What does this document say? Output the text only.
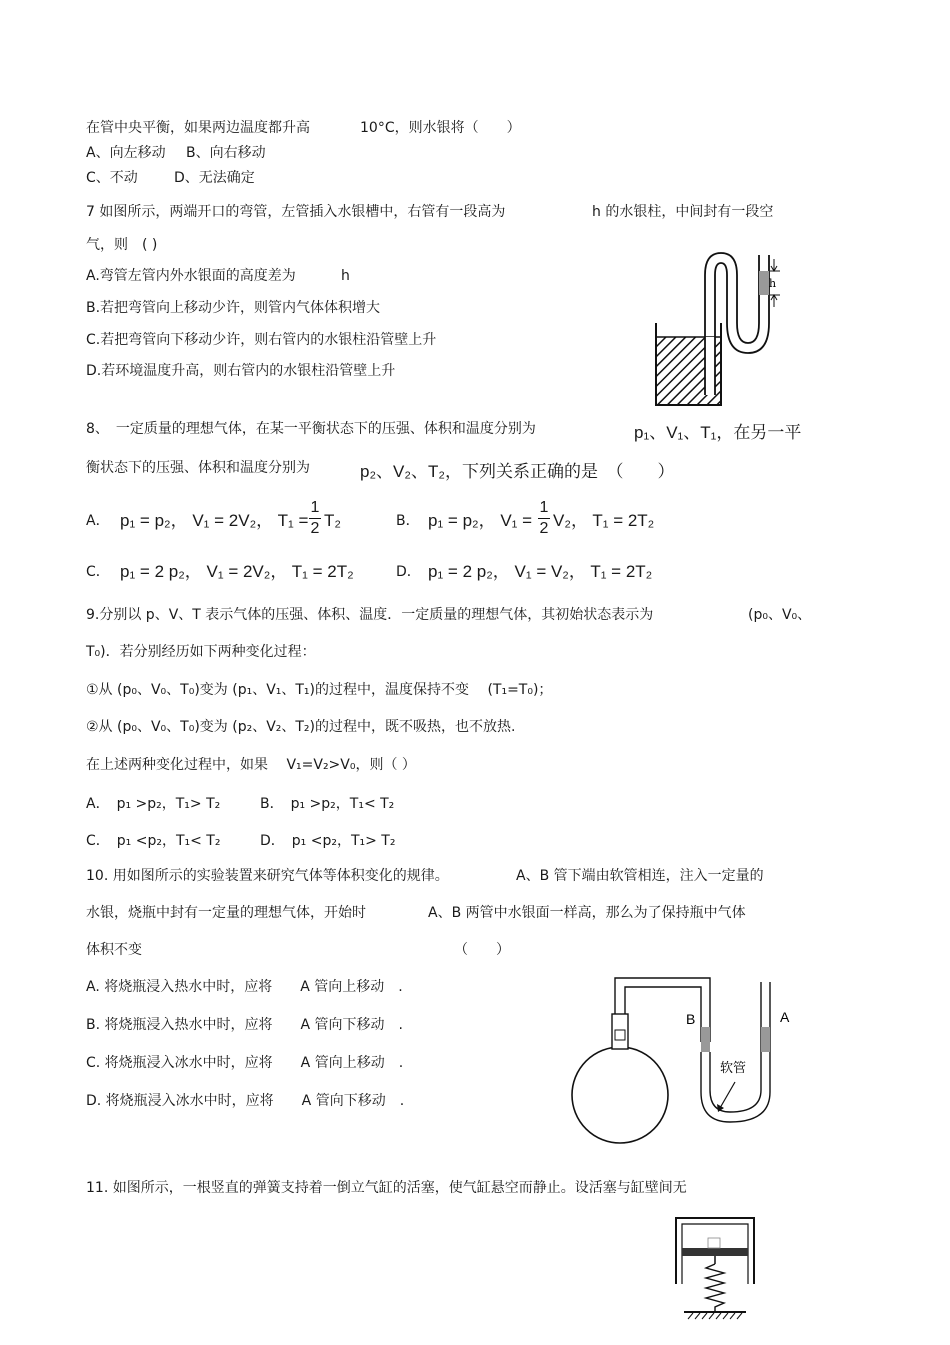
在管中央平衡，如果两边温度都升高	10°C，则水银将（　　）
A、向左移动 B、向右移动
C、不动	D、无法确定
7 如图所示，两端开口的弯管，左管插入水银槽中，右管有一段高为	h 的水银柱，中间封有一段空
气，则　( )
A.弯管左管内外水银面的高度差为	h
B.若把弯管向上移动少许，则管内气体体积增大
C.若把弯管向下移动少许，则右管内的水银柱沿管壁上升
D.若环境温度升高，则右管内的水银柱沿管壁上升
h
8、　一定质量的理想气体，在某一平衡状态下的压强、体积和温度分别为	p₁、V₁、T₁，在另一平
衡状态下的压强、体积和温度分别为	p₂、V₂、T₂，下列关系正确的是　（　　）
A． p₁ = p₂， V₁ = 2V₂， T₁ =
1
2 T₂	B． p₁ = p₂， V₁ =
1
2 V₂， T₁ = 2T₂
C． p₁ = 2 p₂， V₁ = 2V₂， T₁ = 2T₂	D． p₁ = 2 p₂， V₁ = V₂， T₁ = 2T₂
9.分别以 p、V、T 表示气体的压强、体积、温度．一定质量的理想气体，其初始状态表示为	(p₀、V₀、
T₀)．若分别经历如下两种变化过程：
①从 (p₀、V₀、T₀)变为 (p₁、V₁、T₁)的过程中，温度保持不变　 (T₁=T₀)；
②从 (p₀、V₀、T₀)变为 (p₂、V₂、T₂)的过程中，既不吸热，也不放热.
在上述两种变化过程中，如果　 V₁=V₂>V₀，则（ ）
A．　p₁ >p₂，T₁> T₂	B．　p₁ >p₂，T₁< T₂
C．　p₁ <p₂，T₁< T₂	D．　p₁ <p₂，T₁> T₂
10. 用如图所示的实验装置来研究气体等体积变化的规律。	A、B 管下端由软管相连，注入一定量的
水银，烧瓶中封有一定量的理想气体，开始时	A、B 两管中水银面一样高，那么为了保持瓶中气体
体积不变	（　　）
A. 将烧瓶浸入热水中时，应将　　A 管向上移动　.
B. 将烧瓶浸入热水中时，应将　　A 管向下移动　.
C. 将烧瓶浸入冰水中时，应将　　A 管向上移动　.
D. 将烧瓶浸入冰水中时，应将　　A 管向下移动　.
B	A
软管
11. 如图所示，一根竖直的弹簧支持着一倒立气缸的活塞，使气缸悬空而静止。设活塞与缸壁间无
